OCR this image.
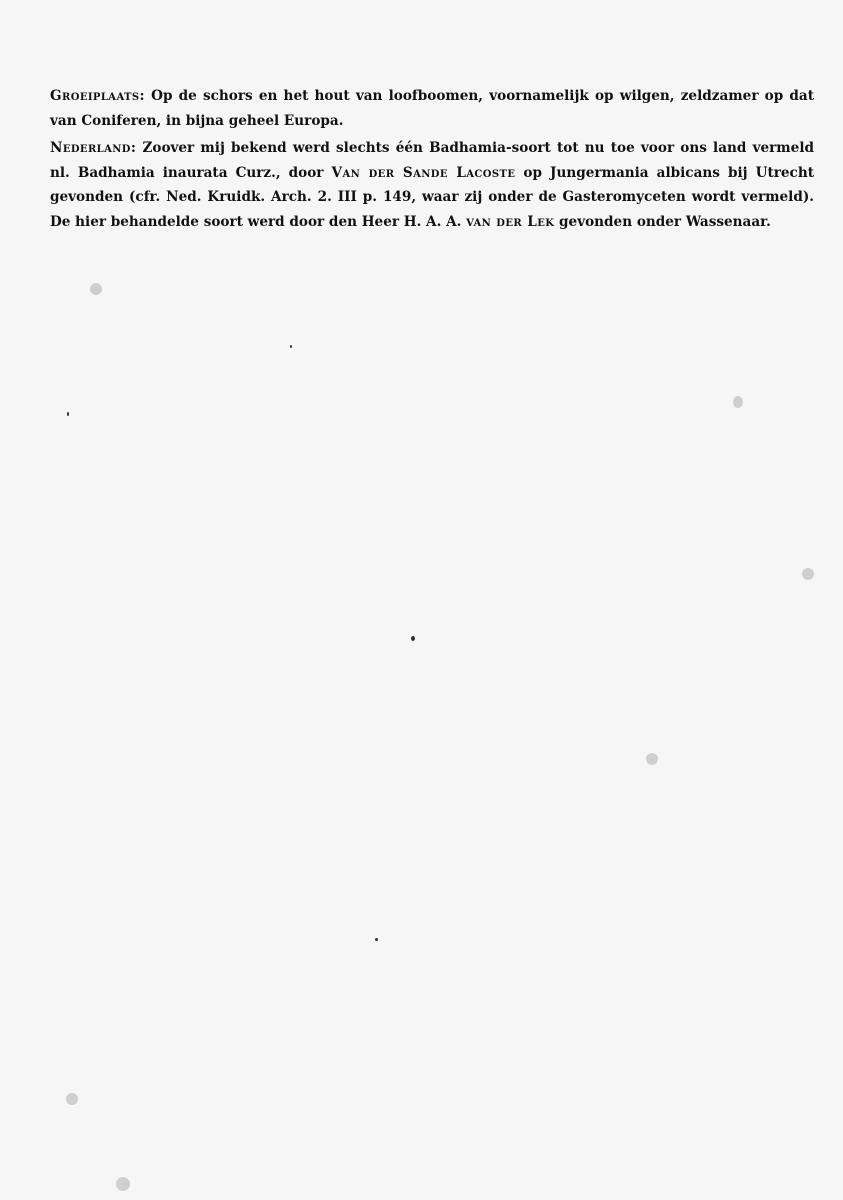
Groeiplaats: Op de schors en het hout van loofboomen, voornamelijk op wilgen, zeldzamer op dat van Coniferen, in bijna geheel Europa.

Nederland: Zoover mij bekend werd slechts één Badhamia-soort tot nu toe voor ons land vermeld nl. Badhamia inaurata Curz., door Van der Sande Lacoste op Jungermania albicans bij Utrecht gevonden (cfr. Ned. Kruidk. Arch. 2. III p. 149, waar zij onder de Gasteromyceten wordt vermeld). De hier behandelde soort werd door den Heer H. A. A. van der Lek gevonden onder Wassenaar.
